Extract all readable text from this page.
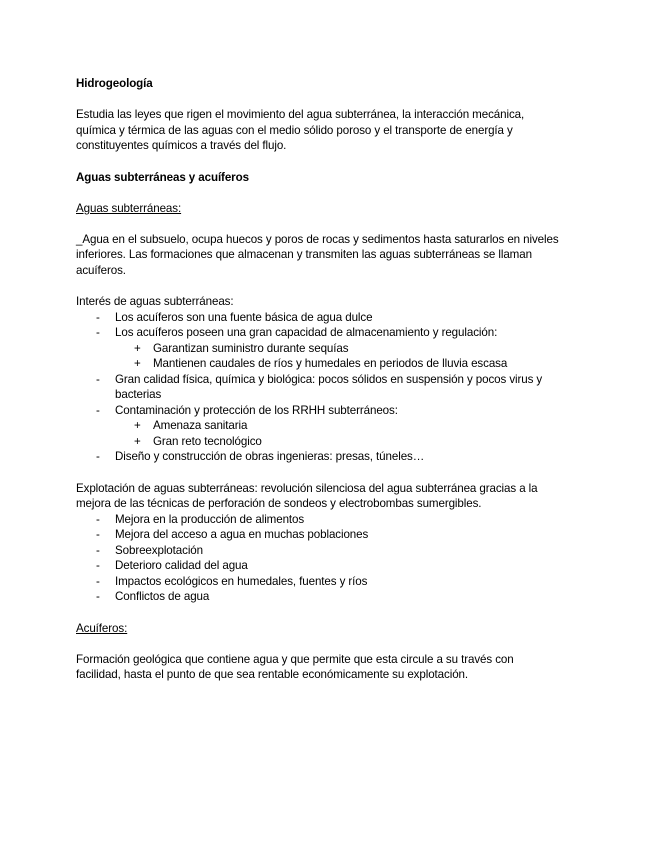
Hidrogeología
Estudia las leyes que rigen el movimiento del agua subterránea, la interacción mecánica,
química y térmica de las aguas con el medio sólido poroso y el transporte de energía y
constituyentes químicos a través del flujo.
Aguas subterráneas y acuíferos
Aguas subterráneas:
_Agua en el subsuelo, ocupa huecos y poros de rocas y sedimentos hasta saturarlos en niveles
inferiores. Las formaciones que almacenan y transmiten las aguas subterráneas se llaman
acuíferos.
Interés de aguas subterráneas:
- Los acuíferos son una fuente básica de agua dulce
- Los acuíferos poseen una gran capacidad de almacenamiento y regulación:
+ Garantizan suministro durante sequías
+ Mantienen caudales de ríos y humedales en periodos de lluvia escasa
- Gran calidad física, química y biológica: pocos sólidos en suspensión y pocos virus y
bacterias
- Contaminación y protección de los RRHH subterráneos:
+ Amenaza sanitaria
+ Gran reto tecnológico
- Diseño y construcción de obras ingenieras: presas, túneles…
Explotación de aguas subterráneas: revolución silenciosa del agua subterránea gracias a la
mejora de las técnicas de perforación de sondeos y electrobombas sumergibles.
- Mejora en la producción de alimentos
- Mejora del acceso a agua en muchas poblaciones
- Sobreexplotación
- Deterioro calidad del agua
- Impactos ecológicos en humedales, fuentes y ríos
- Conflictos de agua
Acuíferos:
Formación geológica que contiene agua y que permite que esta circule a su través con
facilidad, hasta el punto de que sea rentable económicamente su explotación.
